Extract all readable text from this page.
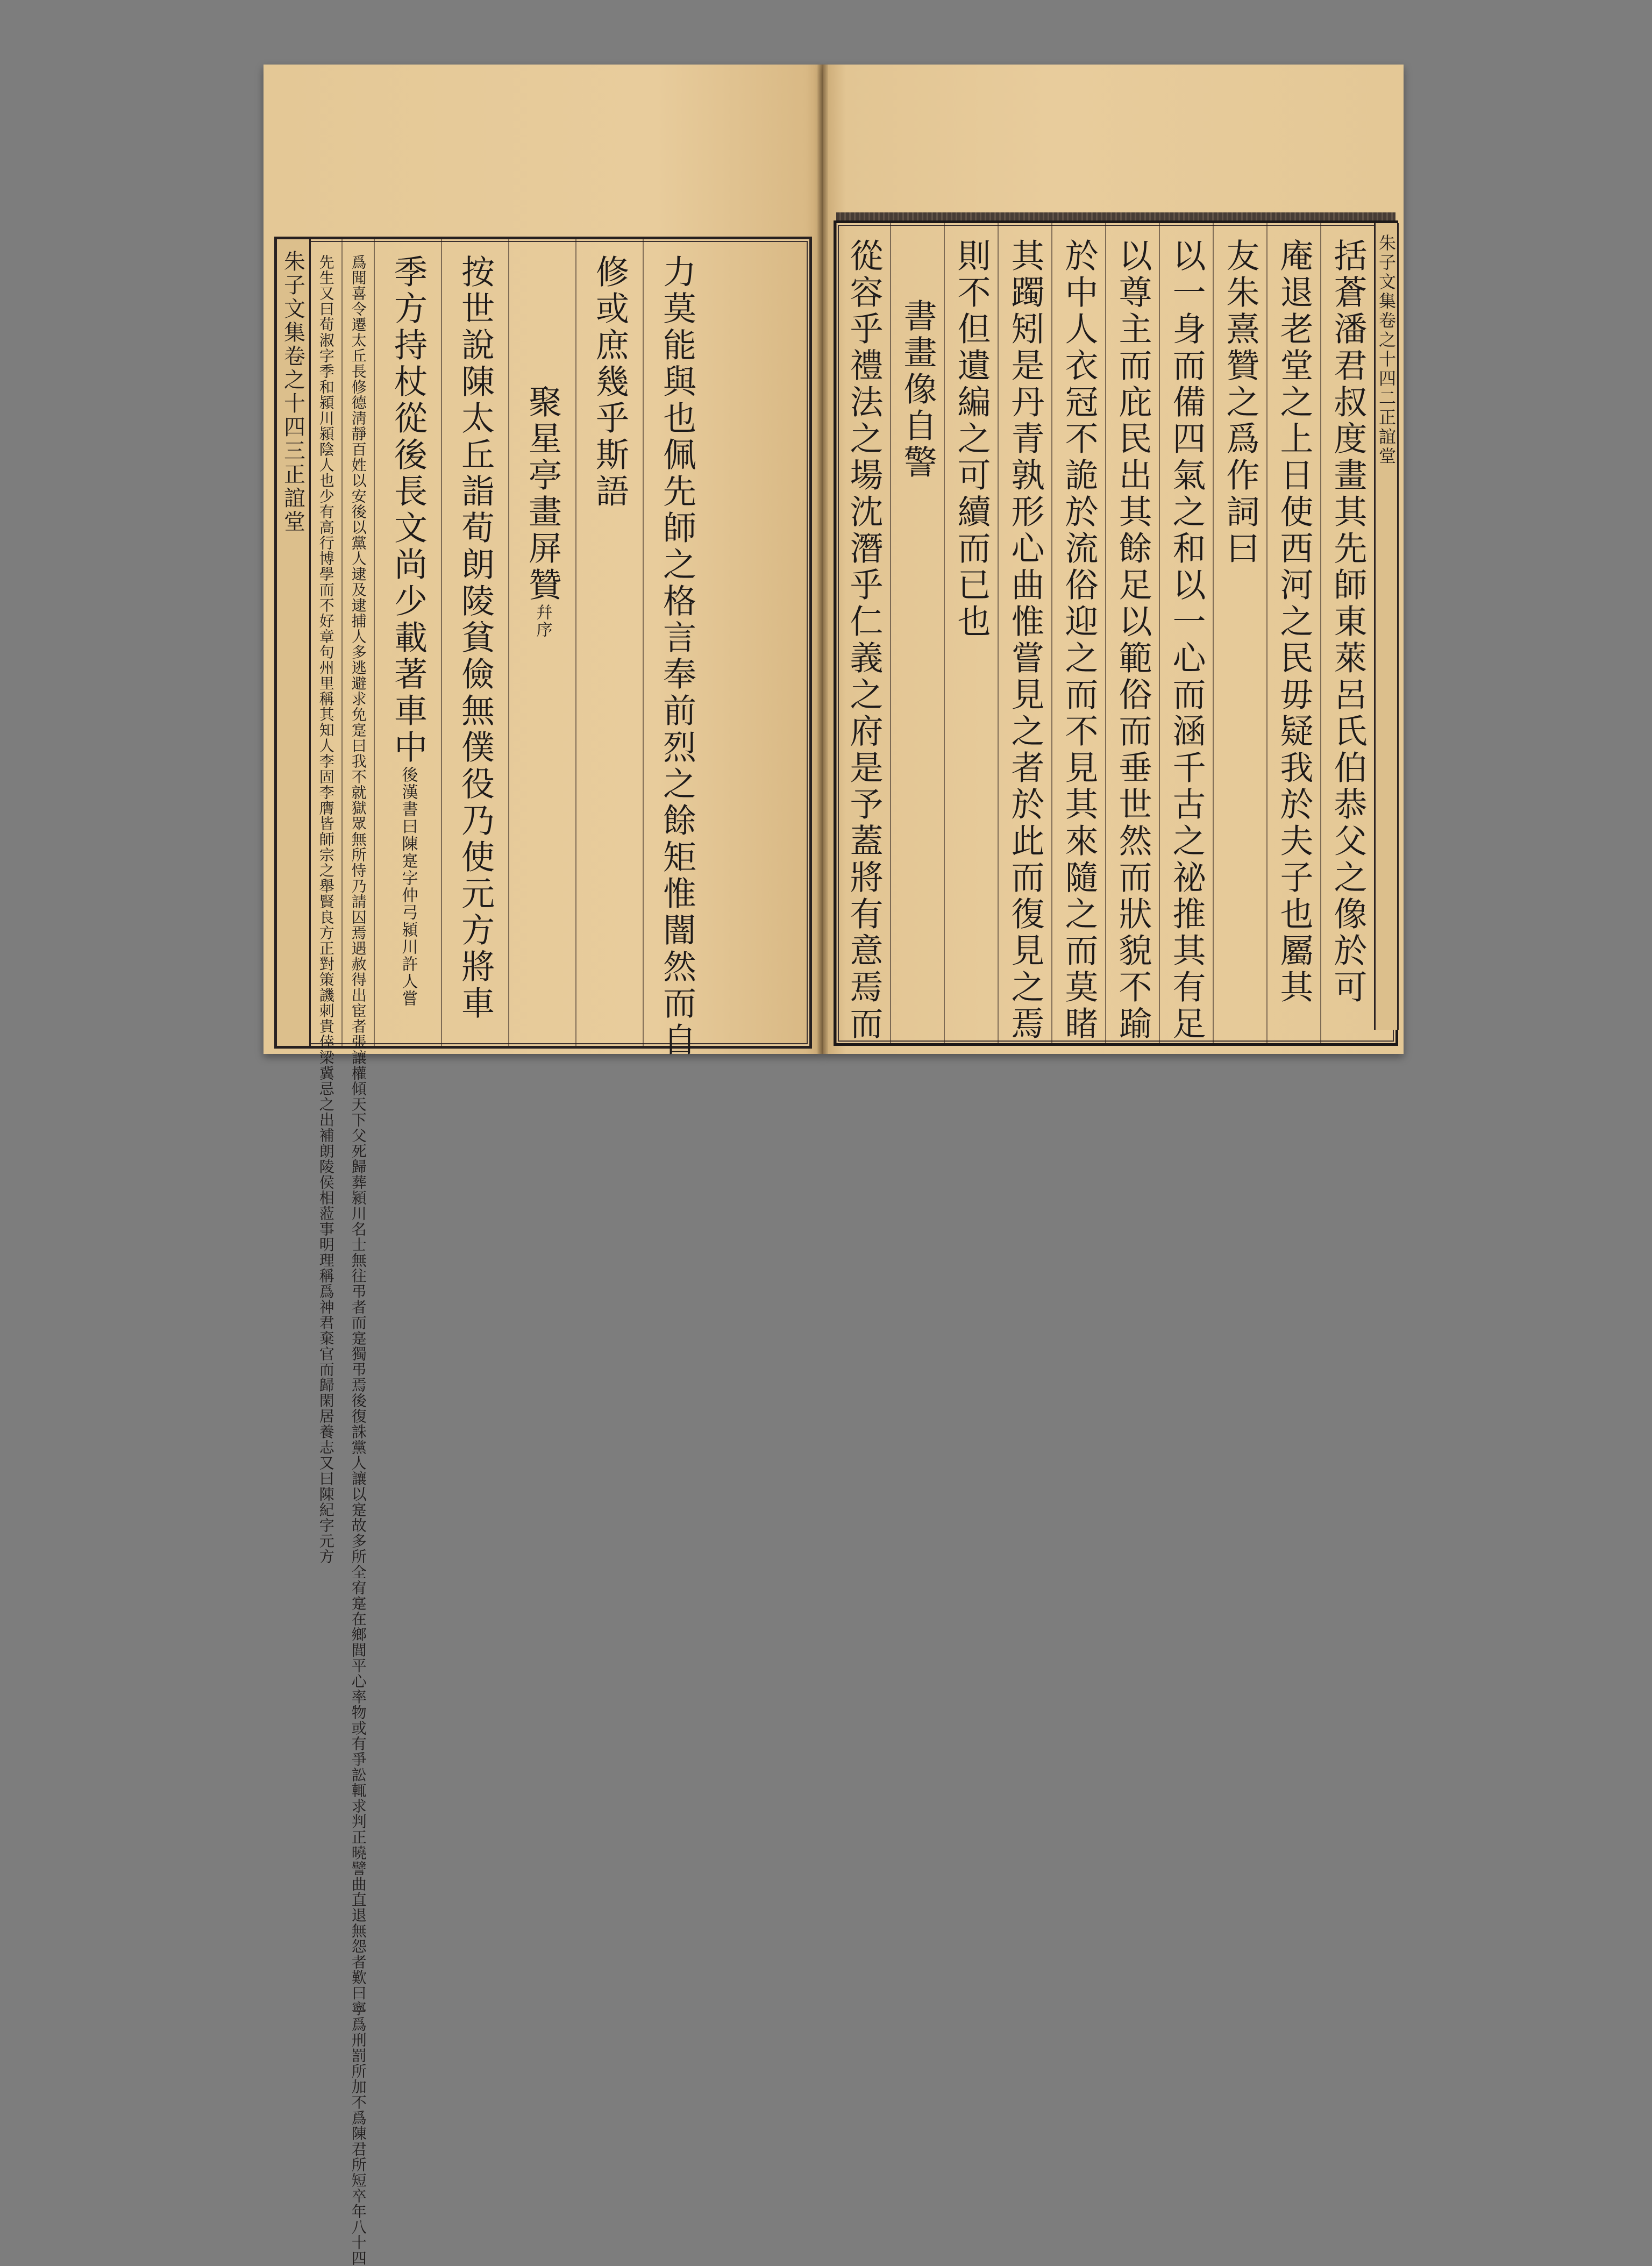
朱子文集卷之十四三正誼堂 先生又曰荀淑字季和潁川潁陰人也少有高行博學而不好章句州里稱其知人李固李膺皆師宗之舉賢良方正對策譏刺貴倖梁冀忌之出補朗陵侯相蒞事明理稱爲神君棄官而歸閑居養志又曰陳紀字元方 爲聞喜令遷太丘長修德淸靜百姓以安後以黨人逮及逮捕人多逃避求免寔曰我不就獄眾無所恃乃請囚焉遇赦得出宦者張讓權傾天下父死歸葬潁川名士無往弔者而寔獨弔焉後復誅黨人讓以寔故多所全宥寔在鄉閭平心率物或有爭訟輒求判正曉譬曲直退無怨者歎曰寧爲刑罰所加不爲陳君所短卒年八十四 季方持杖從後長文尚少載著車中後漢書曰陳寔字仲弓潁川許人嘗 按世說陳太丘詣荀朗陵貧儉無僕役乃使元方將車 聚星亭畫屏贊幷序
修或庶幾乎斯語 力莫能與也佩先師之格言奉前烈之餘矩惟闇然而自	從容乎禮法之場沈潛乎仁義之府是予蓋將有意焉而 書畫像自警 則不但遺編之可續而已也 其躅矧是丹青孰形心曲惟嘗見之者於此而復見之焉 於中人衣冠不詭於流俗迎之而不見其來隨之而莫睹 以尊主而庇民出其餘足以範俗而垂世然而狀貌不踰 以一身而備四氣之和以一心而涵千古之祕推其有足 友朱熹贊之爲作詞曰 庵退老堂之上日使西河之民毋疑我於夫子也屬其 括蒼潘君叔度畫其先師東萊呂氏伯恭父之像於可 朱子文集卷之十四二正誼堂
